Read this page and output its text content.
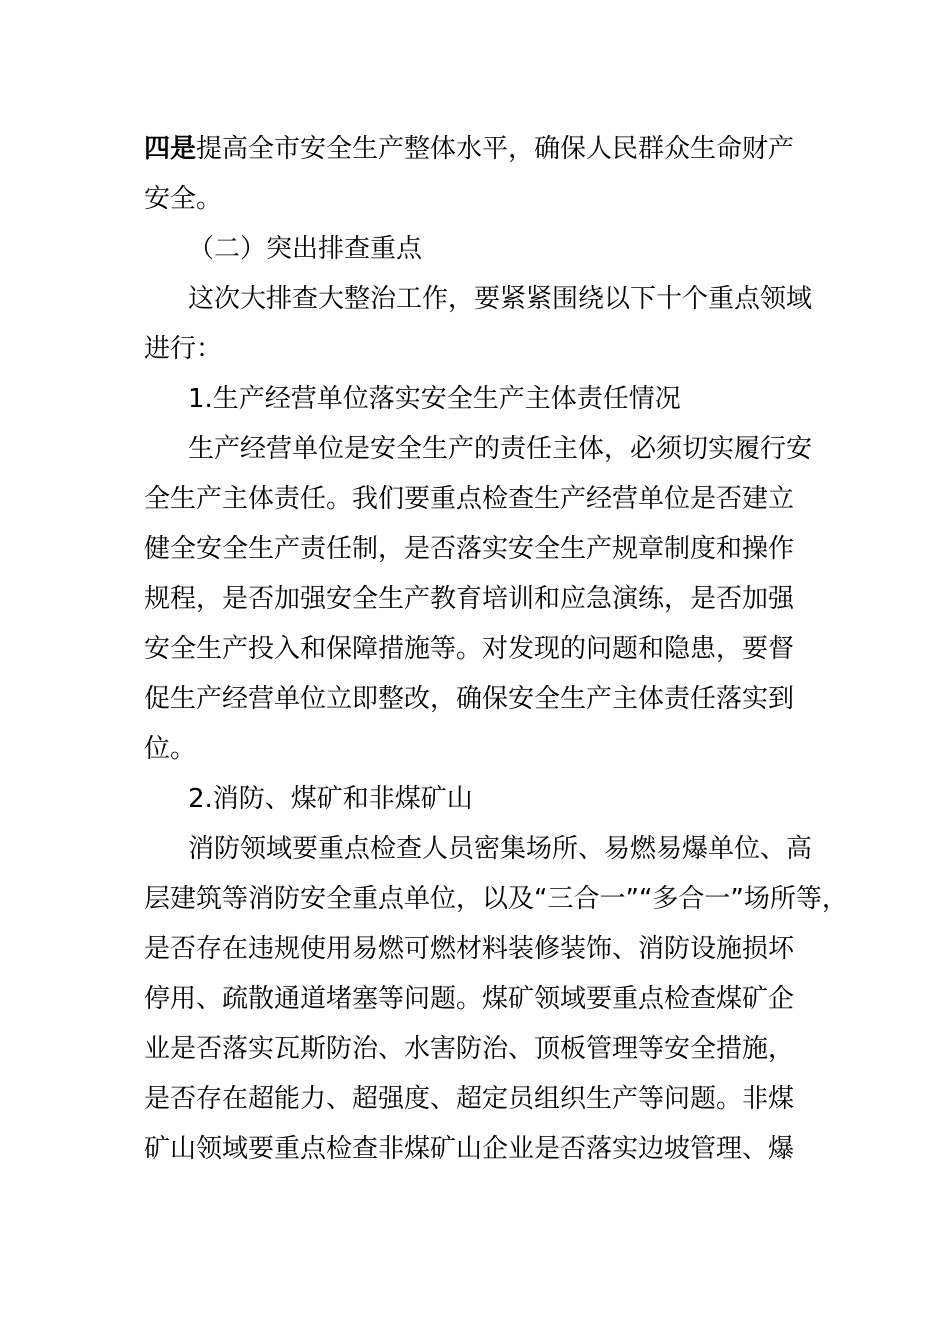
四是提高全市安全生产整体水平，确保人民群众生命财产
安全。
（二）突出排查重点
这次大排查大整治工作，要紧紧围绕以下十个重点领域
进行：
1.生产经营单位落实安全生产主体责任情况
生产经营单位是安全生产的责任主体，必须切实履行安
全生产主体责任。我们要重点检查生产经营单位是否建立
健全安全生产责任制，是否落实安全生产规章制度和操作
规程，是否加强安全生产教育培训和应急演练，是否加强
安全生产投入和保障措施等。对发现的问题和隐患，要督
促生产经营单位立即整改，确保安全生产主体责任落实到
位。
2.消防、煤矿和非煤矿山
消防领域要重点检查人员密集场所、易燃易爆单位、高
层建筑等消防安全重点单位，以及“三合一”“多合一”场所等，
是否存在违规使用易燃可燃材料装修装饰、消防设施损坏
停用、疏散通道堵塞等问题。煤矿领域要重点检查煤矿企
业是否落实瓦斯防治、水害防治、顶板管理等安全措施，
是否存在超能力、超强度、超定员组织生产等问题。非煤
矿山领域要重点检查非煤矿山企业是否落实边坡管理、爆
